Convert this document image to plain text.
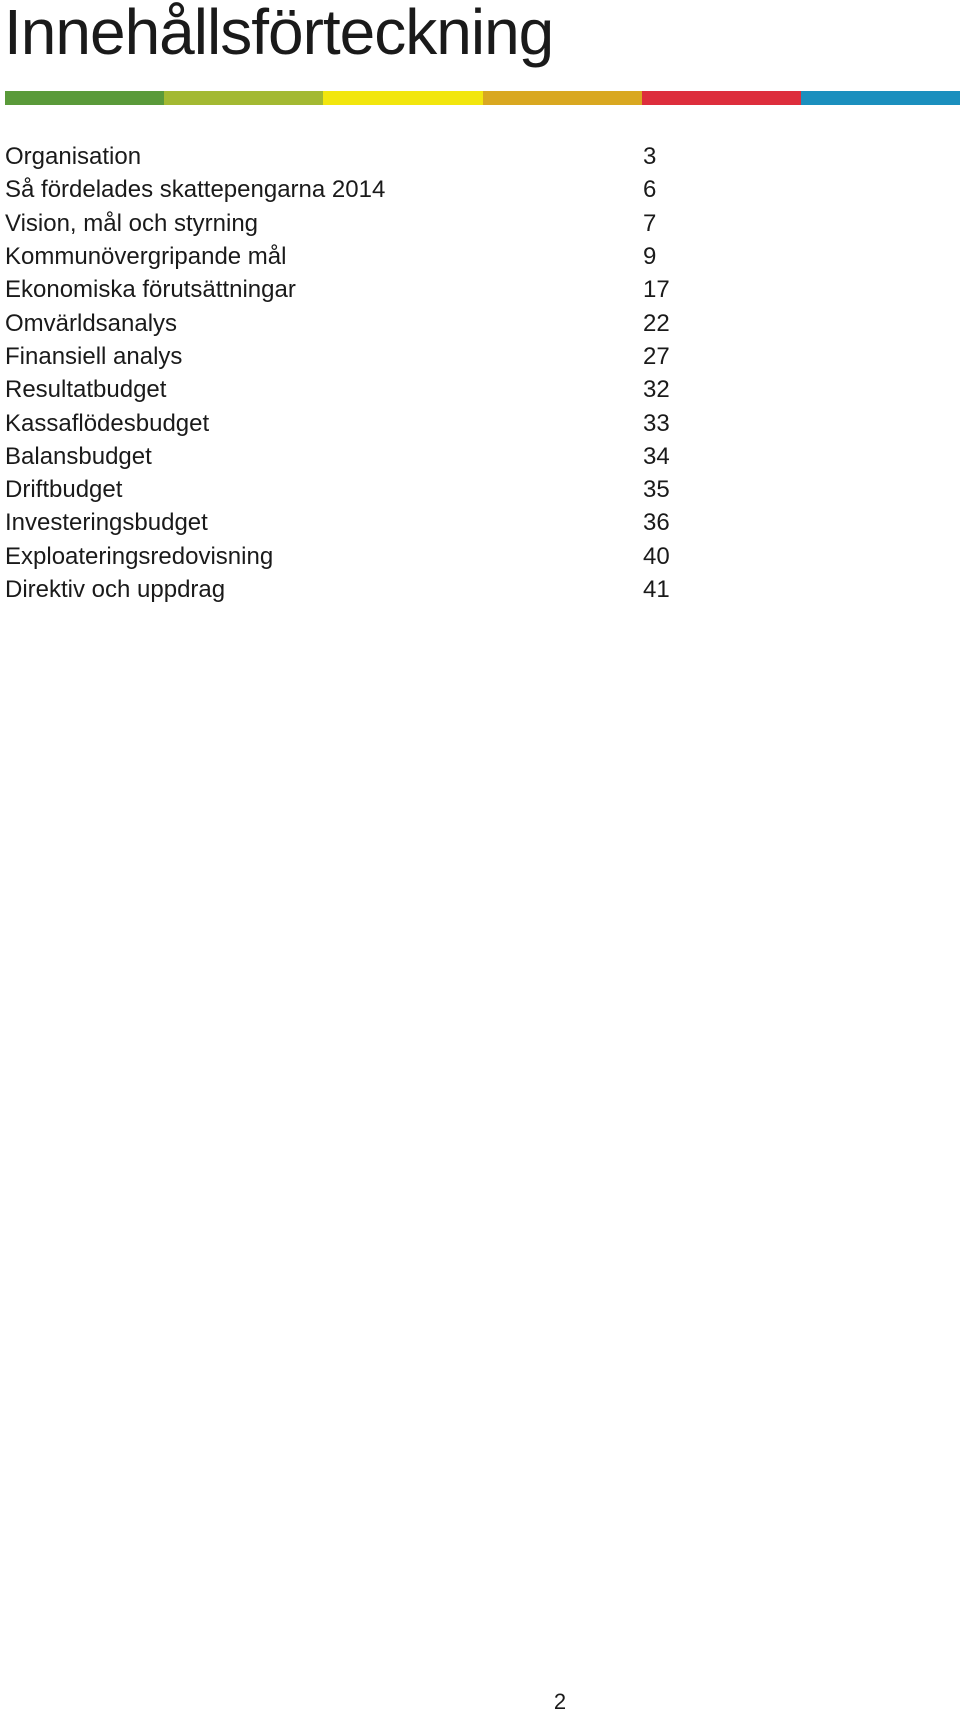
Innehållsförteckning
Organisation	3
Så fördelades skattepengarna 2014	6
Vision, mål och styrning	7
Kommunövergripande mål	9
Ekonomiska förutsättningar	17
Omvärldsanalys	22
Finansiell analys	27
Resultatbudget	32
Kassaflödesbudget	33
Balansbudget	34
Driftbudget	35
Investeringsbudget	36
Exploateringsredovisning	40
Direktiv och uppdrag	41
2
